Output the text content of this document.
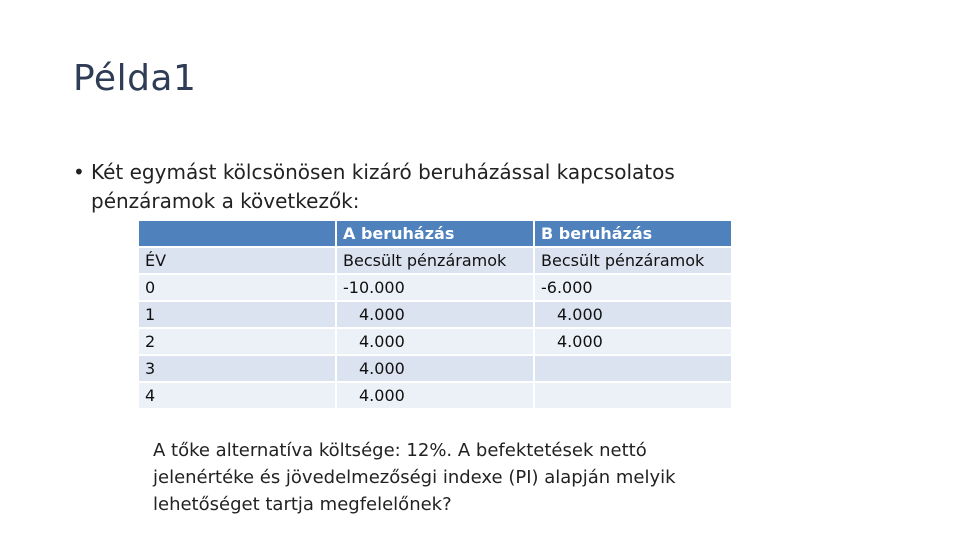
Példa1
• Két egymást kölcsönösen kizáró beruházással kapcsolatos pénzáramok a következők:
	A beruházás	B beruházás
ÉV	Becsült pénzáramok	Becsült pénzáramok
0	-10.000	-6.000
1	4.000	4.000
2	4.000	4.000
3	4.000	
4	4.000	
A tőke alternatíva költsége: 12%. A befektetések nettó jelenértéke és jövedelmezőségi indexe (PI) alapján melyik lehetőséget tartja megfelelőnek?
